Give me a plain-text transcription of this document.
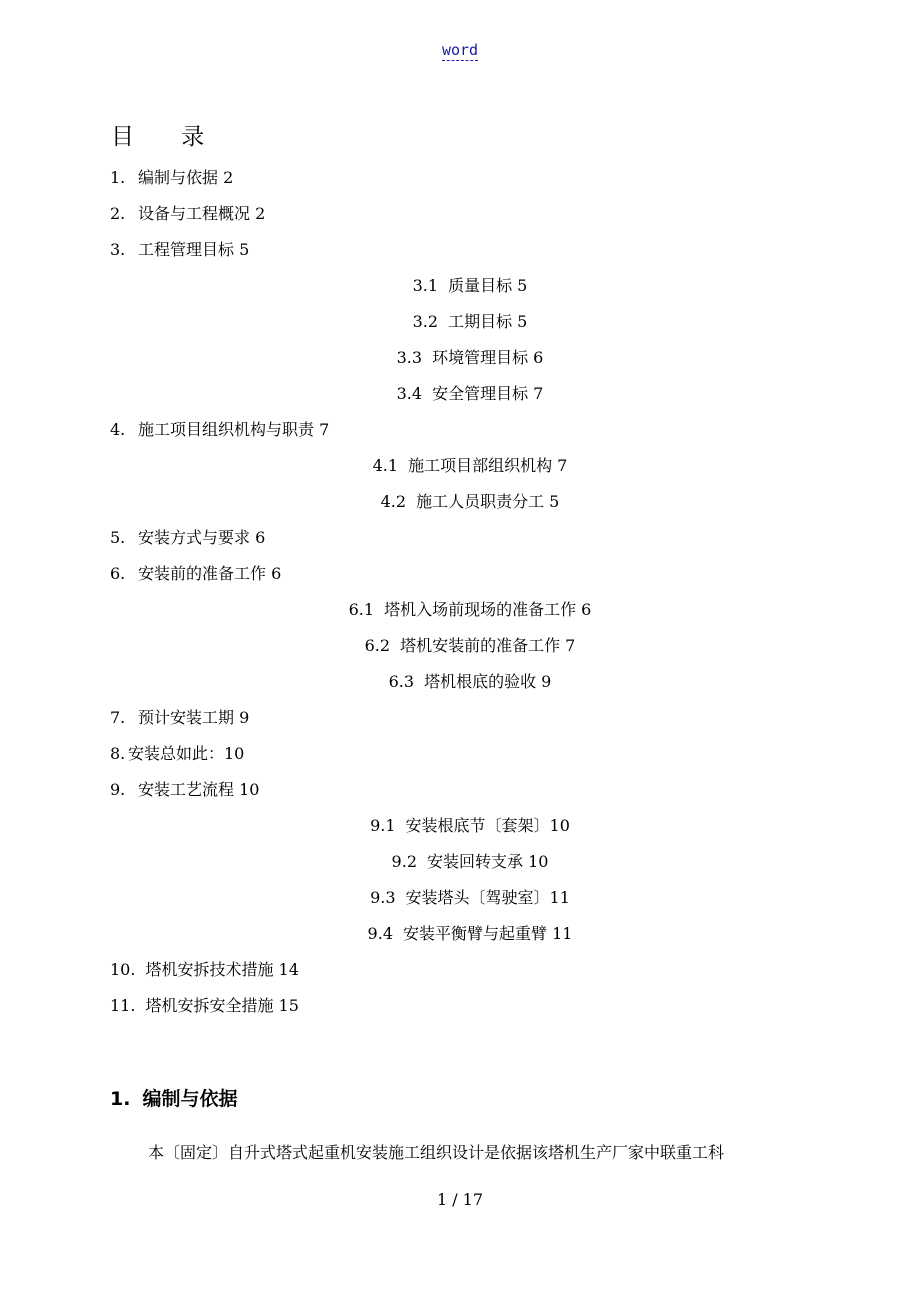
word
目 录
1. 编制与依据 2
2. 设备与工程概况 2
3. 工程管理目标 5
3.1 质量目标 5
3.2 工期目标 5
3.3 环境管理目标 6
3.4 安全管理目标 7
4. 施工项目组织机构与职责 7
4.1 施工项目部组织机构 7
4.2 施工人员职责分工 5
5. 安装方式与要求 6
6. 安装前的准备工作 6
6.1 塔机入场前现场的准备工作 6
6.2 塔机安装前的准备工作 7
6.3 塔机根底的验收 9
7. 预计安装工期 9
8. 安装总如此：10
9. 安装工艺流程 10
9.1 安装根底节〔套架〕10
9.2 安装回转支承 10
9.3 安装塔头〔驾驶室〕11
9.4 安装平衡臂与起重臂 11
10. 塔机安拆技术措施 14
11. 塔机安拆安全措施 15
1. 编制与依据

本〔固定〕自升式塔式起重机安装施工组织设计是依据该塔机生产厂家中联重工科

1 / 17
